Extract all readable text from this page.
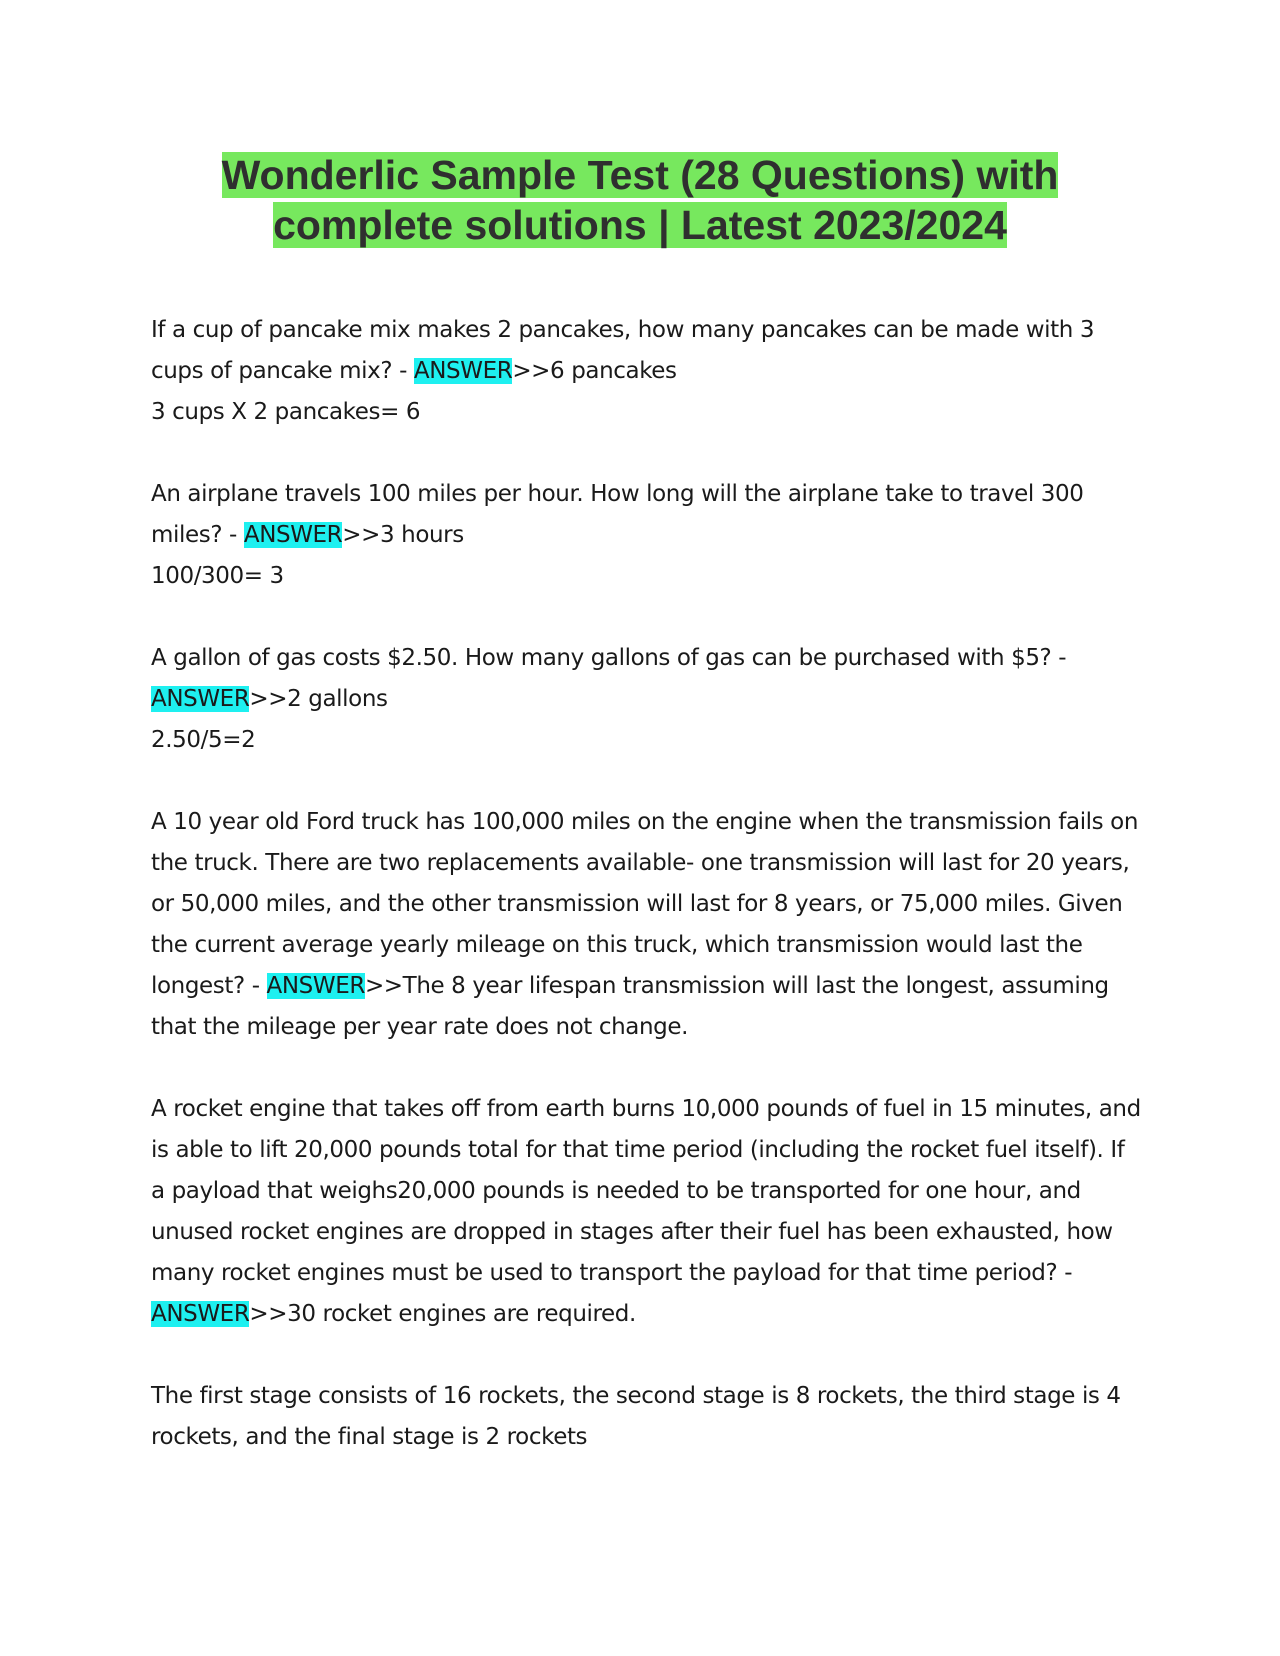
Wonderlic Sample Test (28 Questions) with
complete solutions | Latest 2023/2024

If a cup of pancake mix makes 2 pancakes, how many pancakes can be made with 3 cups of pancake mix? - ANSWER>>6 pancakes

3 cups X 2 pancakes= 6

An airplane travels 100 miles per hour. How long will the airplane take to travel 300 miles? - ANSWER>>3 hours

100/300= 3

A gallon of gas costs $2.50. How many gallons of gas can be purchased with $5? - ANSWER>>2 gallons

2.50/5=2

A 10 year old Ford truck has 100,000 miles on the engine when the transmission fails on the truck. There are two replacements available- one transmission will last for 20 years, or 50,000 miles, and the other transmission will last for 8 years, or 75,000 miles. Given the current average yearly mileage on this truck, which transmission would last the longest? - ANSWER>>The 8 year lifespan transmission will last the longest, assuming that the mileage per year rate does not change.

A rocket engine that takes off from earth burns 10,000 pounds of fuel in 15 minutes, and is able to lift 20,000 pounds total for that time period (including the rocket fuel itself). If a payload that weighs20,000 pounds is needed to be transported for one hour, and unused rocket engines are dropped in stages after their fuel has been exhausted, how many rocket engines must be used to transport the payload for that time period? - ANSWER>>30 rocket engines are required.

The first stage consists of 16 rockets, the second stage is 8 rockets, the third stage is 4 rockets, and the final stage is 2 rockets
